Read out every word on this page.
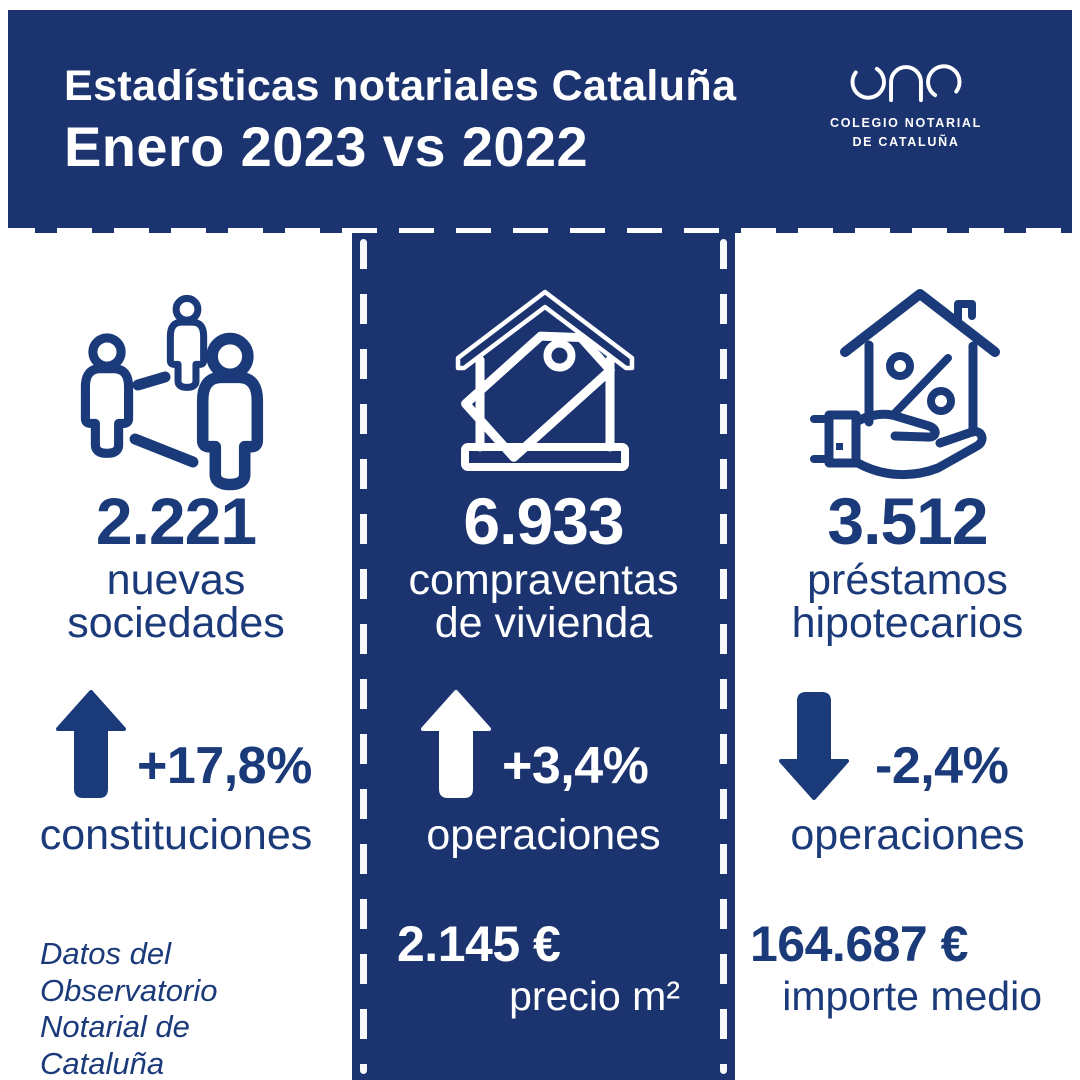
Estadísticas notariales Cataluña
Enero 2023 vs 2022	COLEGIO NOTARIAL
DE CATALUÑA
2.221
nuevas
sociedades
+17,8%
constituciones
Datos del
Observatorio
Notarial de
Cataluña
6.933
compraventas
de vivienda
+3,4%
operaciones
2.145 €
precio m²
3.512
préstamos
hipotecarios
-2,4%
operaciones
164.687 €
importe medio
